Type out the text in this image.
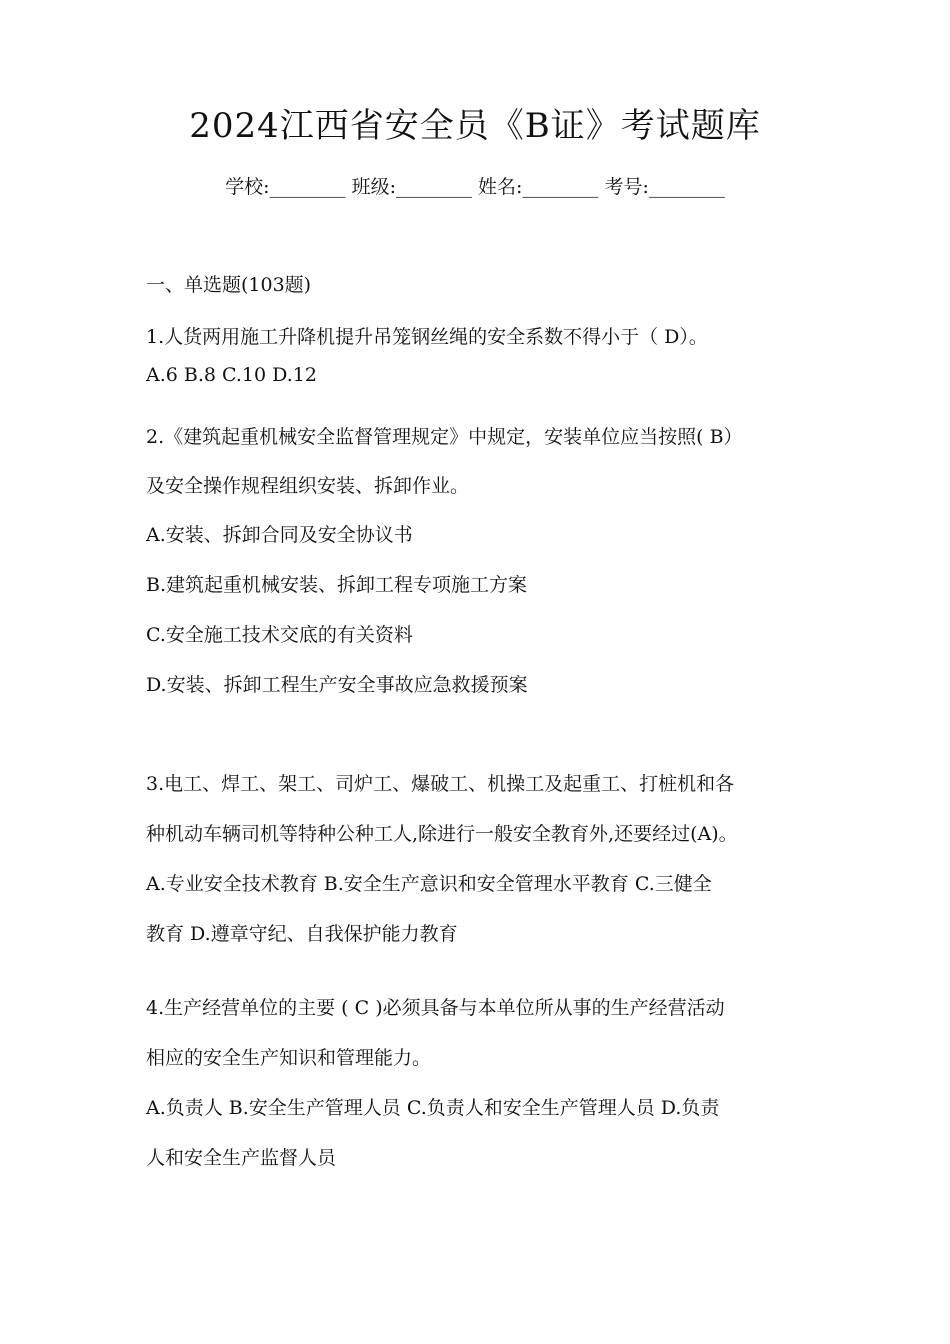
2024江西省安全员《B证》考试题库
学校:________ 班级:________ 姓名:________ 考号:________
一、单选题(103题)
1.人货两用施工升降机提升吊笼钢丝绳的安全系数不得小于（ D）。
A.6 B.8 C.10 D.12
2.《建筑起重机械安全监督管理规定》中规定，安装单位应当按照( B）
及安全操作规程组织安装、拆卸作业。
A.安装、拆卸合同及安全协议书
B.建筑起重机械安装、拆卸工程专项施工方案
C.安全施工技术交底的有关资料
D.安装、拆卸工程生产安全事故应急救援预案
3.电工、焊工、架工、司炉工、爆破工、机操工及起重工、打桩机和各
种机动车辆司机等特种公种工人,除进行一般安全教育外,还要经过(A)。
A.专业安全技术教育 B.安全生产意识和安全管理水平教育 C.三健全
教育 D.遵章守纪、自我保护能力教育
4.生产经营单位的主要 ( C )必须具备与本单位所从事的生产经营活动
相应的安全生产知识和管理能力。
A.负责人 B.安全生产管理人员 C.负责人和安全生产管理人员 D.负责
人和安全生产监督人员
